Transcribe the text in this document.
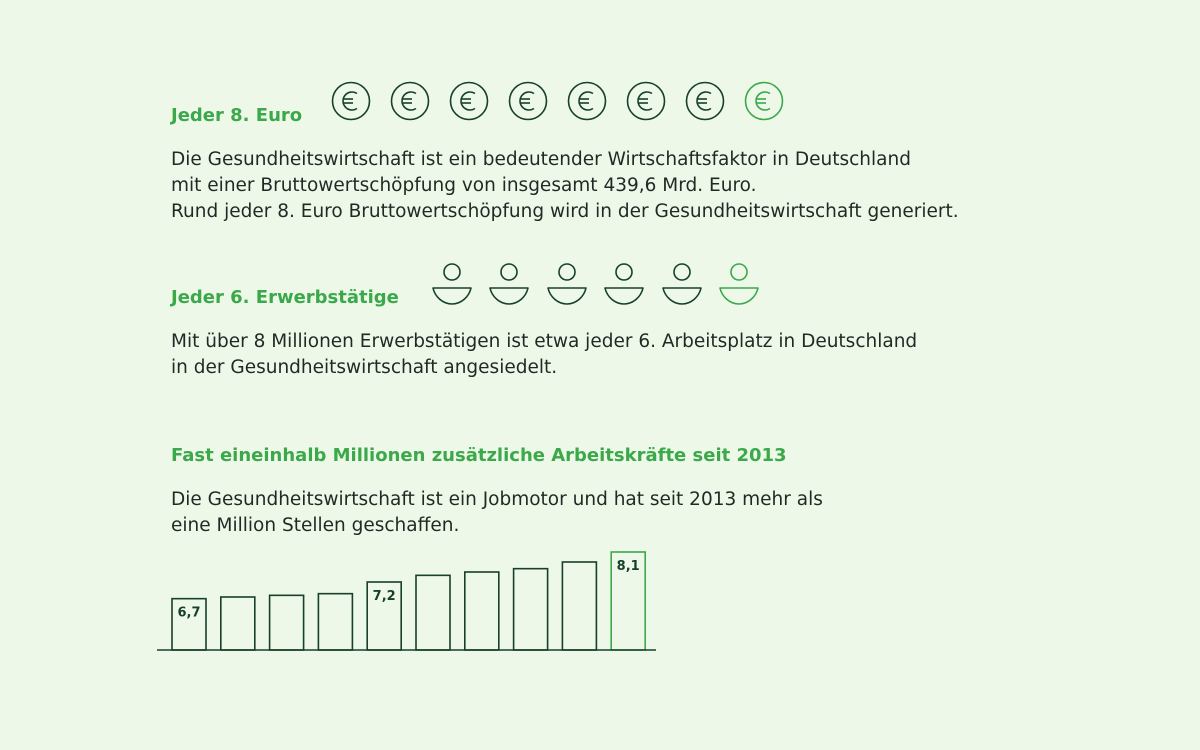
Jeder 8. Euro

Die Gesundheitswirtschaft ist ein bedeutender Wirtschaftsfaktor in Deutschland
mit einer Bruttowertschöpfung von insgesamt 439,6 Mrd. Euro.
Rund jeder 8. Euro Bruttowertschöpfung wird in der Gesundheitswirtschaft generiert.

Jeder 6. Erwerbstätige

Mit über 8 Millionen Erwerbstätigen ist etwa jeder 6. Arbeitsplatz in Deutschland
in der Gesundheitswirtschaft angesiedelt.

Fast eineinhalb Millionen zusätzliche Arbeitskräfte seit 2013

Die Gesundheitswirtschaft ist ein Jobmotor und hat seit 2013 mehr als
eine Million Stellen geschaffen.

6,7
7,2
8,1
